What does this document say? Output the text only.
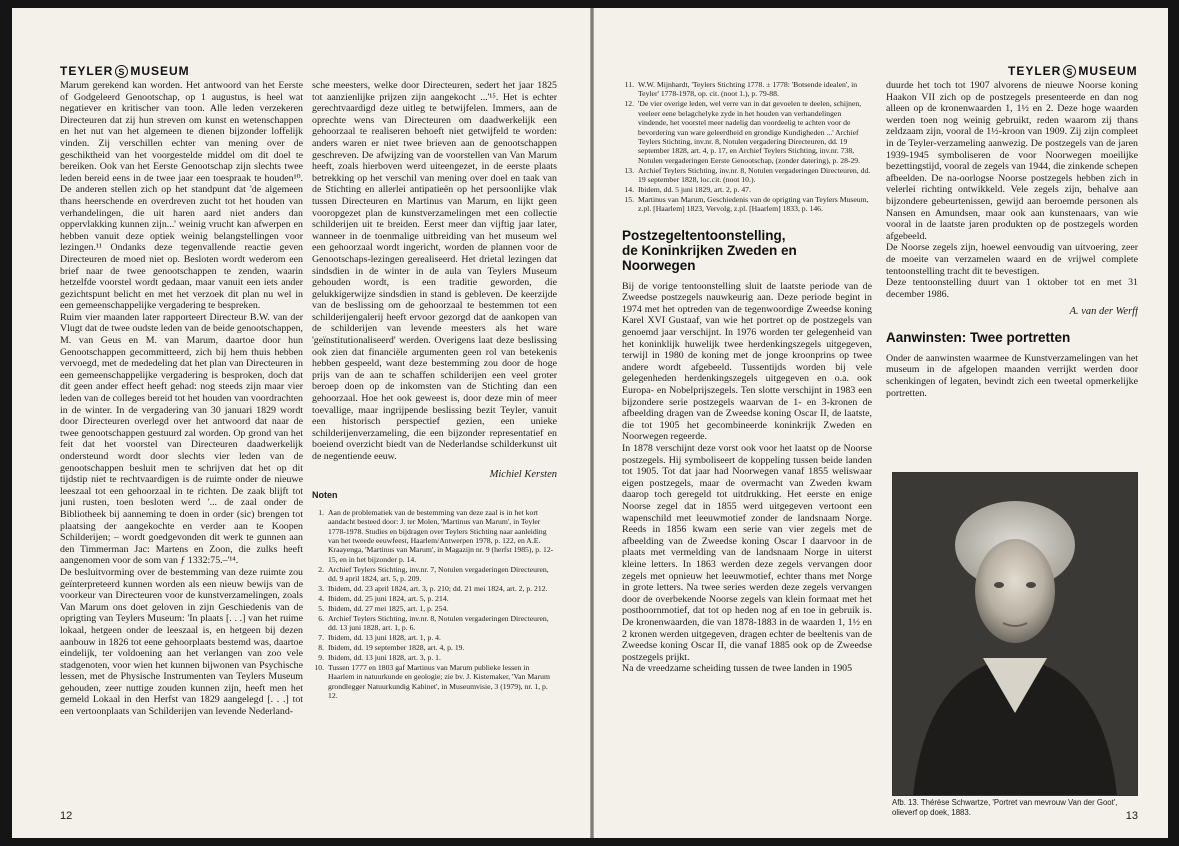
TEYLER S MUSEUM

Marum gerekend kan worden. Het antwoord van het Eerste of Godgeleerd Genootschap, op 1 augustus, is heel wat negatiever en kritischer van toon. Alle leden verzekeren Directeuren dat zij hun streven om kunst en wetenschappen en het nut van het algemeen te dienen bijzonder loffelijk vinden. Zij verschillen echter van mening over de geschiktheid van het voorgestelde middel om dit doel te bereiken. Ook van het Eerste Genootschap zijn slechts twee leden bereid eens in de twee jaar een toespraak te houden¹⁰. De anderen stellen zich op het standpunt dat 'de algemeen thans heerschende en overdreven zucht tot het houden van verhandelingen, die uit haren aard niet anders dan oppervlakking kunnen zijn...' weinig vrucht kan afwerpen en hebben vanuit deze optiek weinig belangstellingen voor lezingen.¹¹ Ondanks deze tegenvallende reactie geven Directeuren de moed niet op. Besloten wordt wederom een brief naar de twee genootschappen te zenden, waarin hetzelfde voorstel wordt gedaan, maar vanuit een iets ander gezichtspunt belicht en met het verzoek dit plan nu wel in een gemeenschappelijke vergadering te bespreken.

Ruim vier maanden later rapporteert Directeur B.W. van der Vlugt dat de twee oudste leden van de beide genootschappen, M. van Geus en M. van Marum, daartoe door hun Genootschappen gecommitteerd, zich bij hem thuis hebben vervoegd, met de mededeling dat het plan van Directeuren in een gemeenschappelijke vergadering is besproken, doch dat dit geen ander effect heeft gehad: nog steeds zijn maar vier leden van de colleges bereid tot het houden van voordrachten in de winter. In de vergadering van 30 januari 1829 wordt door Directeuren overlegd over het antwoord dat naar de twee genootschappen gestuurd zal worden. Op grond van het feit dat het voorstel van Directeuren daadwerkelijk ondersteund wordt door slechts vier leden van de genootschappen besluit men te schrijven dat het op dit tijdstip niet te rechtvaardigen is de ruimte onder de nieuwe leeszaal tot een gehoorzaal in te richten. De zaak blijft tot juni rusten, toen besloten werd '... de zaal onder de Bibliotheek bij aanneming te doen in order (sic) brengen tot plaatsing der aangekochte en verder aan te Koopen Schilderijen; – wordt goedgevonden dit werk te gunnen aan den Timmerman Jac: Martens en Zoon, die zulks heeft aangenomen voor de som van ƒ 1332:75.–'¹⁴.

De besluitvorming over de bestemming van deze ruimte zou geïnterpreteerd kunnen worden als een nieuw bewijs van de voorkeur van Directeuren voor de kunstverzamelingen, zoals Van Marum ons doet geloven in zijn Geschiedenis van de oprigting van Teylers Museum: 'In plaats [. . .] van het ruime lokaal, hetgeen onder de leeszaal is, en hetgeen bij dezen aanbouw in 1826 tot eene gehoorplaats bestemd was, daartoe eindelijk, ter voldoening aan het verlangen van zoo vele stadgenoten, voor wien het kunnen bijwonen van Psychische lessen, met de Physische Instrumenten van Teylers Museum gehouden, zeer nuttige zouden kunnen zijn, heeft men het gemeld Lokaal in den Herfst van 1829 aangelegd [. . .] tot een vertoonplaats van Schilderijen van levende Nederland-

sche meesters, welke door Directeuren, sedert het jaar 1825 tot aanzienlijke prijzen zijn aangekocht ...'¹⁵. Het is echter gerechtvaardigd deze uitleg te betwijfelen. Immers, aan de oprechte wens van Directeuren om daadwerkelijk een gehoorzaal te realiseren behoeft niet getwijfeld te worden: anders waren er niet twee brieven aan de genootschappen geschreven. De afwijzing van de voorstellen van Van Marum heeft, zoals hierboven werd uiteengezet, in de eerste plaats betrekking op het verschil van mening over doel en taak van de Stichting en allerlei antipatieën op het persoonlijke vlak tussen Directeuren en Martinus van Marum, en lijkt geen vooropgezet plan de kunstverzamelingen met een collectie schilderijen uit te breiden. Eerst meer dan vijftig jaar later, wanneer in de toenmalige uitbreiding van het museum wel een gehoorzaal wordt ingericht, worden de plannen voor de Genootschaps-lezingen gerealiseerd. Het drietal lezingen dat sindsdien in de winter in de aula van Teylers Museum gehouden wordt, is een traditie geworden, die gelukkigerwijze sindsdien in stand is gebleven. De keerzijde van de beslissing om de gehoorzaal te bestemmen tot een schilderijengalerij heeft ervoor gezorgd dat de aankopen van de schilderijen van levende meesters als het ware 'geïnstitutionaliseerd' werden. Overigens laat deze beslissing ook zien dat financiële argumenten geen rol van betekenis hebben gespeeld, want deze bestemming zou door de hoge prijs van de aan te schaffen schilderijen een veel groter beroep doen op de inkomsten van de Stichting dan een gehoorzaal. Hoe het ook geweest is, door deze min of meer toevallige, maar ingrijpende beslissing bezit Teyler, vanuit een historisch perspectief gezien, een unieke schilderijenverzameling, die een bijzonder representatief en boeiend overzicht biedt van de Nederlandse schilderkunst uit de negentiende eeuw.

Michiel Kersten
Noten
1. Aan de problematiek van de bestemming van deze zaal is in het kort aandacht besteed door: J. ter Molen, 'Martinus van Marum', in Teyler 1778-1978. Studies en bijdragen over Teylers Stichting naar aanleiding van het tweede eeuwfeest, Haarlem/Antwerpen 1978, p. 122, en A.E. Kraayenga, 'Martinus van Marum', in Magazijn nr. 9 (herfst 1985), p. 12-15, en in het bijzonder p. 14.
2. Archief Teylers Stichting, inv.nr. 7, Notulen vergaderingen Directeuren, dd. 9 april 1824, art. 5, p. 209.
3. Ibidem, dd. 23 april 1824, art. 3, p. 210; dd. 21 mei 1824, art. 2, p. 212.
4. Ibidem, dd. 25 juni 1824, art. 5, p. 214.
5. Ibidem, dd. 27 mei 1825, art. 1, p. 254.
6. Archief Teylers Stichting, inv.nr. 8, Notulen vergaderingen Directeuren, dd. 13 juni 1828, art. 1, p. 6.
7. Ibidem, dd. 13 juni 1828, art. 1, p. 4.
8. Ibidem, dd. 19 september 1828, art. 4, p. 19.
9. Ibidem, dd. 13 juni 1828, art. 3, p. 1.
10. Tussen 1777 en 1803 gaf Martinus van Marum publieke lessen in Haarlem in natuurkunde en geologie; zie bv. J. Kistemaker, 'Van Marum grondlegger Natuurkundig Kabinet', in Museumvisie, 3 (1979), nr. 1, p. 12.
12
TEYLER S MUSEUM
11. W.W. Mijnhardt, 'Teylers Stichting 1778. ± 1778: 'Botsende idealen', in Teyler' 1778-1978, op. cit. (noot 1.), p. 79-88.
12. 'De vier overige leden, wel verre van in dat gevoelen te deelen, schijnen, veeleer eene belagchelyke zyde in het houden van verhandelingen vindende, het voorstel meer nadelig dan voordeelig te achten voor de bevordering van ware geleerdheid en grondige Kundigheden ...' Archief Teylers Stichting, inv.nr. 8, Notulen vergadering Directeuren, dd. 19 september 1828, art. 4, p. 17, en Archief Teylers Stichting, inv.nr. 738, Notulen vergaderingen Eerste Genootschap, (zonder datering), p. 28-29.
13. Archief Teylers Stichting, inv.nr. 8, Notulen vergaderingen Directeuren, dd. 19 september 1828, loc.cit. (noot 10.).
14. Ibidem, dd. 5 juni 1829, art. 2, p. 47.
15. Martinus van Marum, Geschiedenis van de oprigting van Teylers Museum, z.pl. [Haarlem] 1823, Vervolg, z.pl. [Haarlem] 1833, p. 146.
Postzegeltentoonstelling,
de Koninkrijken Zweden en Noorwegen

Bij de vorige tentoonstelling sluit de laatste periode van de Zweedse postzegels nauwkeurig aan. Deze periode begint in 1974 met het optreden van de tegenwoordige Zweedse koning Karel XVI Gustaaf, van wie het portret op de postzegels van genoemd jaar verschijnt. In 1976 worden ter gelegenheid van het koninklijk huwelijk twee herdenkingszegels uitgegeven, terwijl in 1980 de koning met de jonge kroonprins op twee andere wordt afgebeeld. Tussentijds worden bij vele gelegenheden herdenkingszegels uitgegeven en o.a. ook Europa- en Nobelprijszegels. Ten slotte verschijnt in 1983 een bijzondere serie postzegels waarvan de 1- en 3-kronen de afbeelding dragen van de Zweedse koning Oscar II, de laatste, die tot 1905 het gecombineerde koninkrijk Zweden en Noorwegen regeerde.

In 1878 verschijnt deze vorst ook voor het laatst op de Noorse postzegels. Hij symboliseert de koppeling tussen beide landen tot 1905. Tot dat jaar had Noorwegen vanaf 1855 weliswaar eigen postzegels, maar de overmacht van Zweden kwam daarop toch geregeld tot uitdrukking. Het eerste en enige Noorse zegel dat in 1855 werd uitgegeven vertoont een wapenschild met leeuwmotief zonder de landsnaam Norge. Reeds in 1856 kwam een serie van vier zegels met de afbeelding van de Zweedse koning Oscar I daarvoor in de plaats met vermelding van de landsnaam Norge in uiterst kleine letters. In 1863 werden deze zegels vervangen door zegels met opnieuw het leeuwmotief, echter thans met Norge in grote letters. Na twee series werden deze zegels vervangen door de overbekende Noorse zegels van klein formaat met het posthoornmotief, dat tot op heden nog af en toe in gebruik is. De kronenwaarden, die van 1878-1883 in de waarden 1, 1½ en 2 kronen werden uitgegeven, dragen echter de beeltenis van de Zweedse koning Oscar II, die vanaf 1885 ook op de Zweedse postzegels prijkt.

Na de vreedzame scheiding tussen de twee landen in 1905

duurde het toch tot 1907 alvorens de nieuwe Noorse koning Haakon VII zich op de postzegels presenteerde en dan nog alleen op de kronenwaarden 1, 1½ en 2. Deze hoge waarden werden toen nog weinig gebruikt, reden waarom zij thans zeldzaam zijn, vooral de 1½-kroon van 1909. Zij zijn compleet in de Teyler-verzameling aanwezig. De postzegels van de jaren 1939-1945 symboliseren de voor Noorwegen moeilijke bezettingstijd, vooral de zegels van 1944, die zinkende schepen afbeelden. De na-oorlogse Noorse postzegels hebben zich in velerlei richting ontwikkeld. Vele zegels zijn, behalve aan bijzondere gebeurtenissen, gewijd aan beroemde personen als Nansen en Amundsen, maar ook aan kunstenaars, van wie vooral in de laatste jaren produkten op de postzegels worden afgebeeld.

De Noorse zegels zijn, hoewel eenvoudig van uitvoering, zeer de moeite van verzamelen waard en de vrijwel complete tentoonstelling tracht dit te bevestigen.

Deze tentoonstelling duurt van 1 oktober tot en met 31 december 1986.

A. van der Werff
Aanwinsten: Twee portretten
Onder de aanwinsten waarmee de Kunstverzamelingen van het museum in de afgelopen maanden verrijkt werden door schenkingen of legaten, bevindt zich een tweetal opmerkelijke portretten.
Afb. 13. Thérèse Schwartze, 'Portret van mevrouw Van der Goot',
olieverf op doek, 1883.	13
